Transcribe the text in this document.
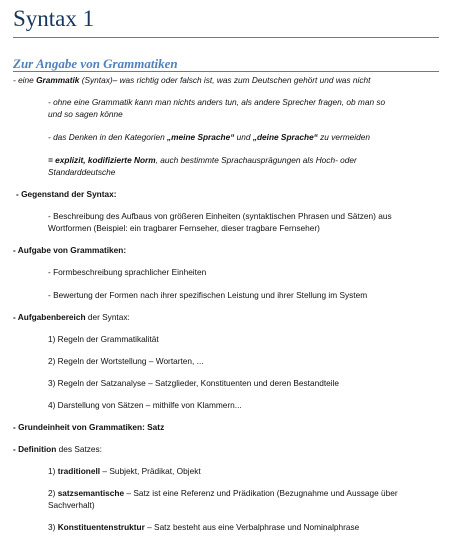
Syntax 1
Zur Angabe von Grammatiken
- eine Grammatik (Syntax)– was richtig oder falsch ist, was zum Deutschen gehört und was nicht
- ohne eine Grammatik kann man nichts anders tun, als andere Sprecher fragen, ob man so
und so sagen könne
- das Denken in den Kategorien „meine Sprache“ und „deine Sprache“ zu vermeiden
= explizit, kodifizierte Norm, auch bestimmte Sprachausprägungen als Hoch- oder
Standarddeutsche
- Gegenstand der Syntax:
- Beschreibung des Aufbaus von größeren Einheiten (syntaktischen Phrasen und Sätzen) aus
Wortformen (Beispiel: ein tragbarer Fernseher, dieser tragbare Fernseher)
- Aufgabe von Grammatiken:
- Formbeschreibung sprachlicher Einheiten
- Bewertung der Formen nach ihrer spezifischen Leistung und ihrer Stellung im System
- Aufgabenbereich der Syntax:
1) Regeln der Grammatikalität
2) Regeln der Wortstellung – Wortarten, ...
3) Regeln der Satzanalyse – Satzglieder, Konstituenten und deren Bestandteile
4) Darstellung von Sätzen – mithilfe von Klammern...
- Grundeinheit von Grammatiken: Satz
- Definition des Satzes:
1) traditionell – Subjekt, Prädikat, Objekt
2) satzsemantische – Satz ist eine Referenz und Prädikation (Bezugnahme und Aussage über
Sachverhalt)
3) Konstituentenstruktur – Satz besteht aus eine Verbalphrase und Nominalphrase
